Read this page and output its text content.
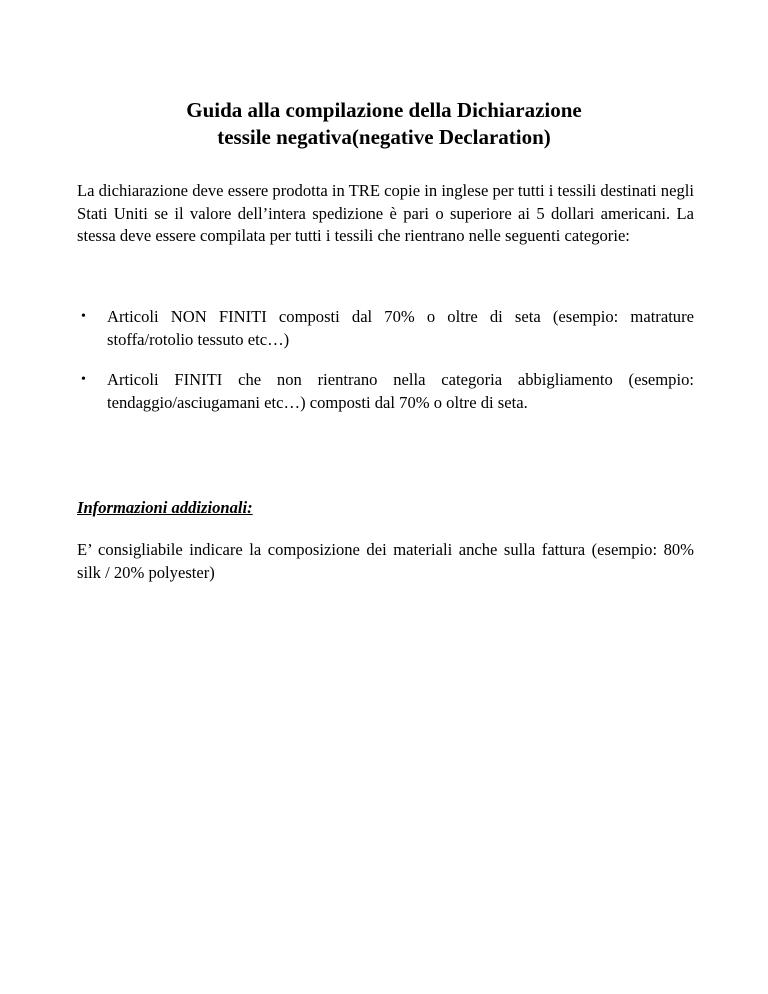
Guida alla compilazione della Dichiarazione
tessile negativa(negative Declaration)

La dichiarazione deve essere prodotta in TRE copie in inglese per tutti i tessili destinati negli Stati Uniti se il valore dell’intera spedizione è pari o superiore ai 5 dollari americani. La stessa deve essere compilata per tutti i tessili che rientrano nelle seguenti categorie:

• Articoli NON FINITI composti dal 70% o oltre di seta (esempio: matrature stoffa/rotolio tessuto etc…)
• Articoli FINITI che non rientrano nella categoria abbigliamento (esempio: tendaggio/asciugamani etc…) composti dal 70% o oltre di seta.
Informazioni addizionali:

E’ consigliabile indicare la composizione dei materiali anche sulla fattura (esempio: 80% silk / 20% polyester)
